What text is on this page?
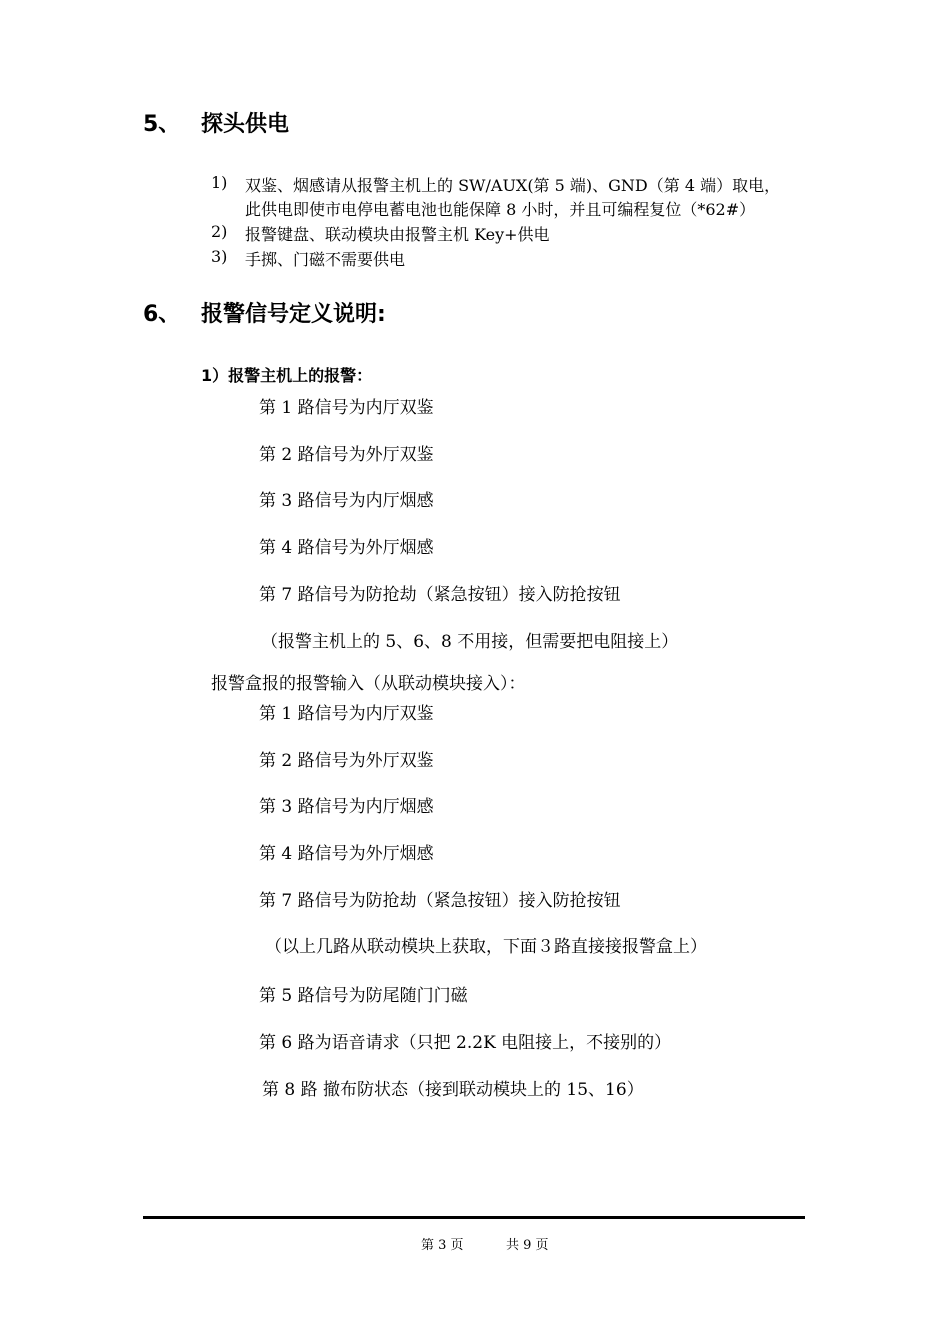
5、 探头供电
1) 双鉴、烟感请从报警主机上的 SW/AUX(第 5 端)、GND（第 4 端）取电，
此供电即使市电停电蓄电池也能保障 8 小时，并且可编程复位（*62#）
2) 报警键盘、联动模块由报警主机 Key+供电
3) 手掷、门磁不需要供电
6、 报警信号定义说明:
1）报警主机上的报警：
第 1 路信号为内厅双鉴
第 2 路信号为外厅双鉴
第 3 路信号为内厅烟感
第 4 路信号为外厅烟感
第 7 路信号为防抢劫（紧急按钮）接入防抢按钮
（报警主机上的 5、6、8 不用接，但需要把电阻接上）
报警盒报的报警输入（从联动模块接入）：
第 1 路信号为内厅双鉴
第 2 路信号为外厅双鉴
第 3 路信号为内厅烟感
第 4 路信号为外厅烟感
第 7 路信号为防抢劫（紧急按钮）接入防抢按钮
（以上几路从联动模块上获取，下面３路直接接报警盒上）
第 5 路信号为防尾随门门磁
第 6 路为语音请求（只把 2.2K 电阻接上，不接别的）
第 8 路 撤布防状态（接到联动模块上的 15、16）
第 3 页	共 9 页
